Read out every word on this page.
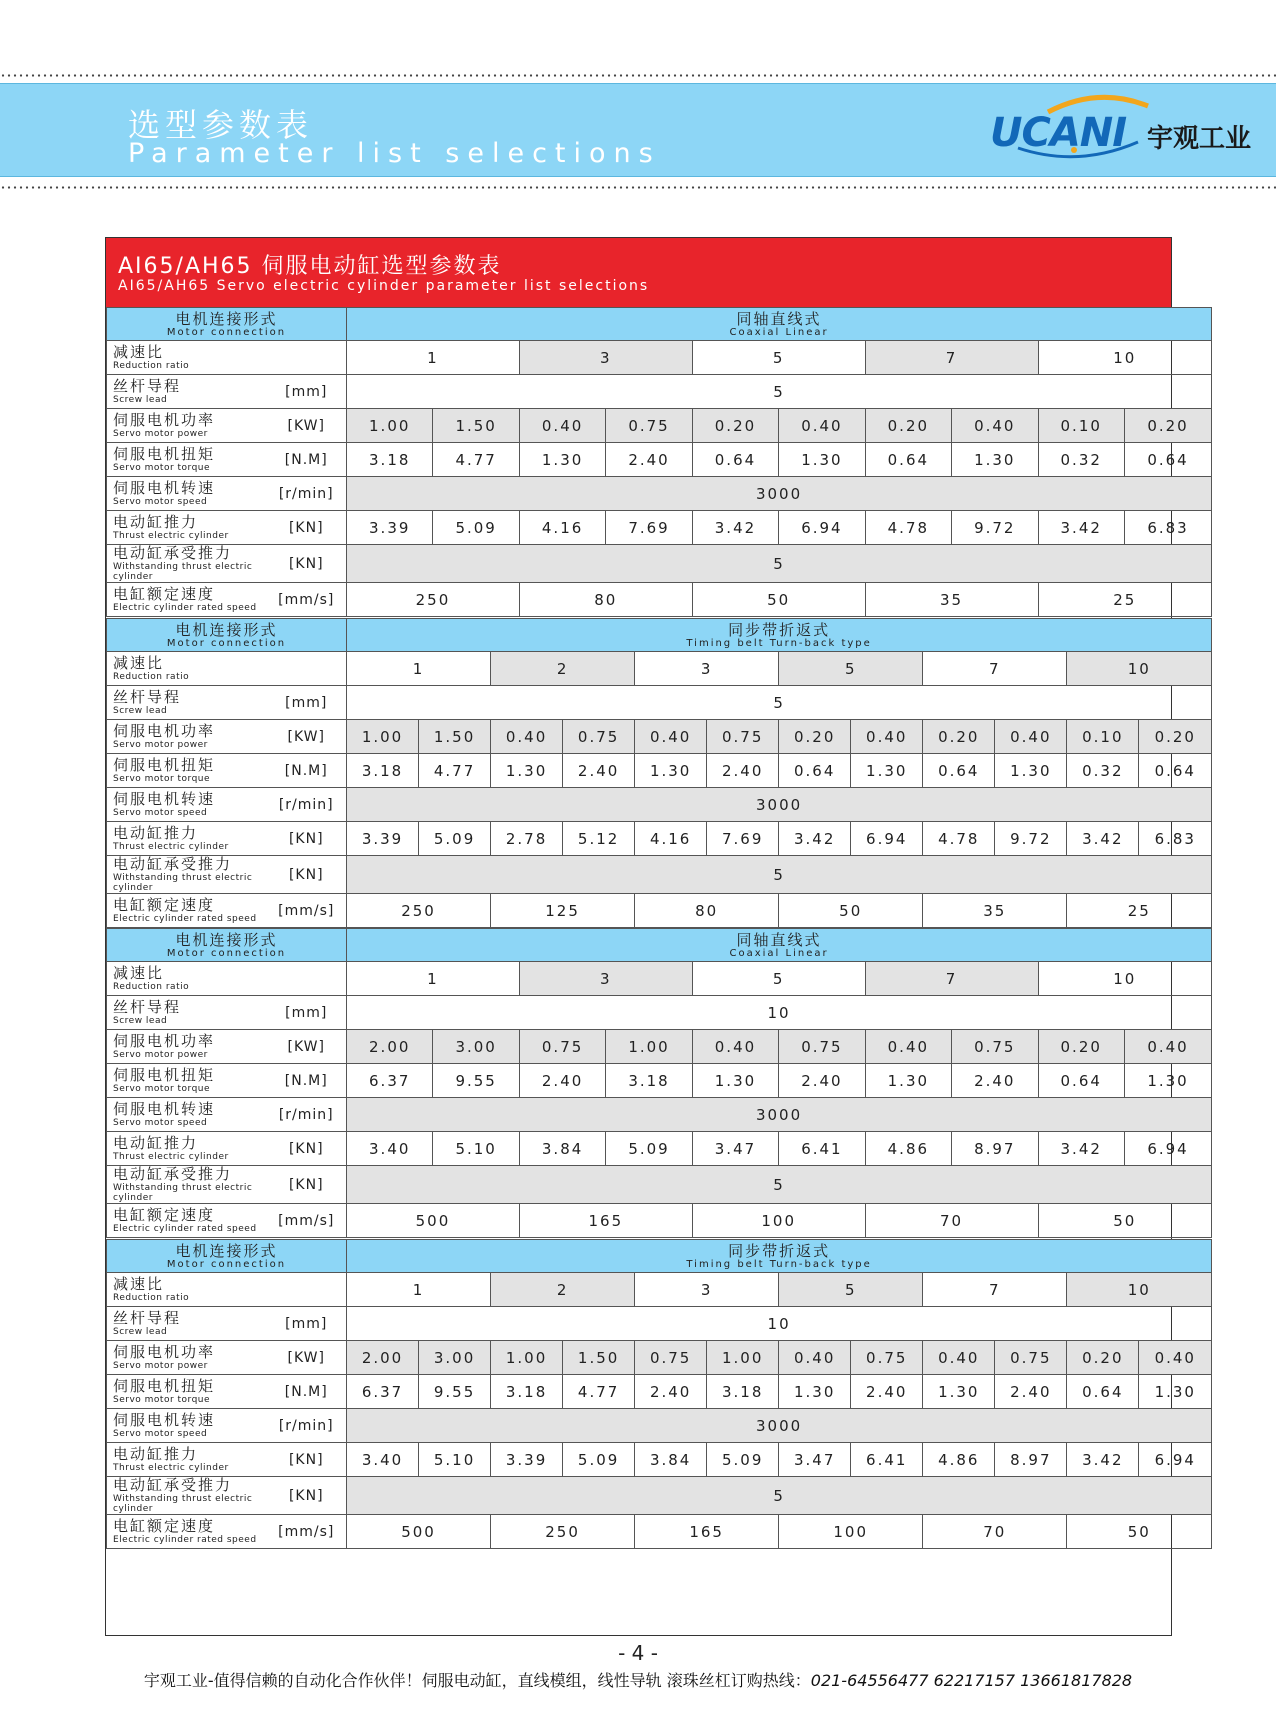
选型参数表
Parameter list selections	UCANI 宇观工业
AI65/AH65 伺服电动缸选型参数表
AI65/AH65 Servo electric cylinder parameter list selections
电机连接形式
Motor connection		同轴直线式
Coaxial Linear									

减速比
Reduction ratio		1		3		5		7		10	

丝杆导程
Screw lead	[mm]	5									

伺服电机功率
Servo motor power	[KW]	1.00	1.50	0.40	0.75	0.20	0.40	0.20	0.40	0.10	0.20

伺服电机扭矩
Servo motor torque	[N.M]	3.18	4.77	1.30	2.40	0.64	1.30	0.64	1.30	0.32	0.64

伺服电机转速
Servo motor speed	[r/min]	3000									

电动缸推力
Thrust electric cylinder	[KN]	3.39	5.09	4.16	7.69	3.42	6.94	4.78	9.72	3.42	6.83

电动缸承受推力
Withstanding thrust electric cylinder	[KN]	5									

电缸额定速度
Electric cylinder rated speed	[mm/s]	250		80		50		35		25	
电机连接形式
Motor connection		同步带折返式
Timing belt Turn-back type											

减速比
Reduction ratio		1		2		3		5		7		10	

丝杆导程
Screw lead	[mm]	5											

伺服电机功率
Servo motor power	[KW]	1.00	1.50	0.40	0.75	0.40	0.75	0.20	0.40	0.20	0.40	0.10	0.20

伺服电机扭矩
Servo motor torque	[N.M]	3.18	4.77	1.30	2.40	1.30	2.40	0.64	1.30	0.64	1.30	0.32	0.64

伺服电机转速
Servo motor speed	[r/min]	3000											

电动缸推力
Thrust electric cylinder	[KN]	3.39	5.09	2.78	5.12	4.16	7.69	3.42	6.94	4.78	9.72	3.42	6.83

电动缸承受推力
Withstanding thrust electric cylinder	[KN]	5											

电缸额定速度
Electric cylinder rated speed	[mm/s]	250		125		80		50		35		25	
电机连接形式
Motor connection		同轴直线式
Coaxial Linear									

减速比
Reduction ratio		1		3		5		7		10	

丝杆导程
Screw lead	[mm]	10									

伺服电机功率
Servo motor power	[KW]	2.00	3.00	0.75	1.00	0.40	0.75	0.40	0.75	0.20	0.40

伺服电机扭矩
Servo motor torque	[N.M]	6.37	9.55	2.40	3.18	1.30	2.40	1.30	2.40	0.64	1.30

伺服电机转速
Servo motor speed	[r/min]	3000									

电动缸推力
Thrust electric cylinder	[KN]	3.40	5.10	3.84	5.09	3.47	6.41	4.86	8.97	3.42	6.94

电动缸承受推力
Withstanding thrust electric cylinder	[KN]	5									

电缸额定速度
Electric cylinder rated speed	[mm/s]	500		165		100		70		50	
电机连接形式
Motor connection		同步带折返式
Timing belt Turn-back type											

减速比
Reduction ratio		1		2		3		5		7		10	

丝杆导程
Screw lead	[mm]	10											

伺服电机功率
Servo motor power	[KW]	2.00	3.00	1.00	1.50	0.75	1.00	0.40	0.75	0.40	0.75	0.20	0.40

伺服电机扭矩
Servo motor torque	[N.M]	6.37	9.55	3.18	4.77	2.40	3.18	1.30	2.40	1.30	2.40	0.64	1.30

伺服电机转速
Servo motor speed	[r/min]	3000											

电动缸推力
Thrust electric cylinder	[KN]	3.40	5.10	3.39	5.09	3.84	5.09	3.47	6.41	4.86	8.97	3.42	6.94

电动缸承受推力
Withstanding thrust electric cylinder	[KN]	5											

电缸额定速度
Electric cylinder rated speed	[mm/s]	500		250		165		100		70		50	
- 4 -
宇观工业-值得信赖的自动化合作伙伴！伺服电动缸，直线模组，线性导轨 滚珠丝杠订购热线：021-64556477 62217157 13661817828
